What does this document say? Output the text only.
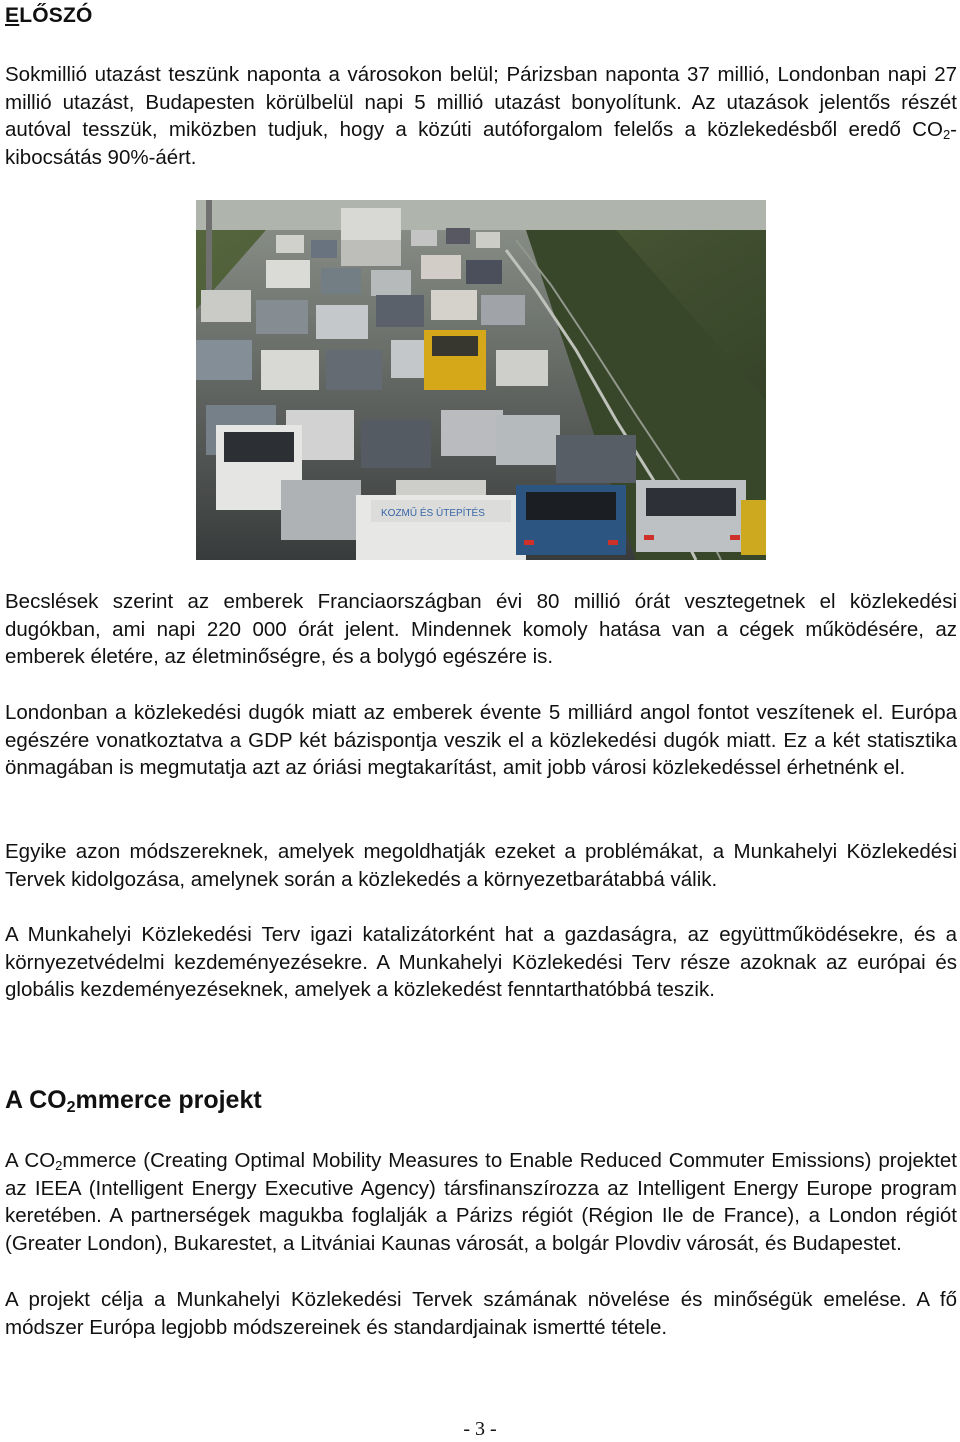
ELŐSZÓ

Sokmillió utazást teszünk naponta a városokon belül; Párizsban naponta 37 millió, Londonban napi 27 millió utazást, Budapesten körülbelül napi 5 millió utazást bonyolítunk. Az utazások jelentős részét autóval tesszük, miközben tudjuk, hogy a közúti autóforgalom felelős a közlekedésből eredő $CO_2$-kibocsátás 90%-áért.

KOZMŰ ÉS ÚTEPÍTÉS

Becslések szerint az emberek Franciaországban évi 80 millió órát vesztegetnek el közlekedési dugókban, ami napi 220 000 órát jelent. Mindennek komoly hatása van a cégek működésére, az emberek életére, az életminőségre, és a bolygó egészére is.

Londonban a közlekedési dugók miatt az emberek évente 5 milliárd angol fontot veszítenek el. Európa egészére vonatkoztatva a GDP két bázispontja veszik el a közlekedési dugók miatt. Ez a két statisztika önmagában is megmutatja azt az óriási megtakarítást, amit jobb városi közlekedéssel érhetnénk el.

Egyike azon módszereknek, amelyek megoldhatják ezeket a problémákat, a Munkahelyi Közlekedési Tervek kidolgozása, amelynek során a közlekedés a környezetbarátabbá válik.

A Munkahelyi Közlekedési Terv igazi katalizátorként hat a gazdaságra, az együttműködésekre, és a környezetvédelmi kezdeményezésekre. A Munkahelyi Közlekedési Terv része azoknak az európai és globális kezdeményezéseknek, amelyek a közlekedést fenntarthatóbbá teszik.

A $CO_2mmerce$ projekt

A $CO_2mmerce$ (Creating Optimal Mobility Measures to Enable Reduced Commuter Emissions) projektet az IEEA (Intelligent Energy Executive Agency) társfinanszírozza az Intelligent Energy Europe program keretében. A partnerségek magukba foglalják a Párizs régiót (Région Ile de France), a London régiót (Greater London), Bukarestet, a Litvániai Kaunas városát, a bolgár Plovdiv városát, és Budapestet.

A projekt célja a Munkahelyi Közlekedési Tervek számának növelése és minőségük emelése. A fő módszer Európa legjobb módszereinek és standardjainak ismertté tétele.

- 3 -
